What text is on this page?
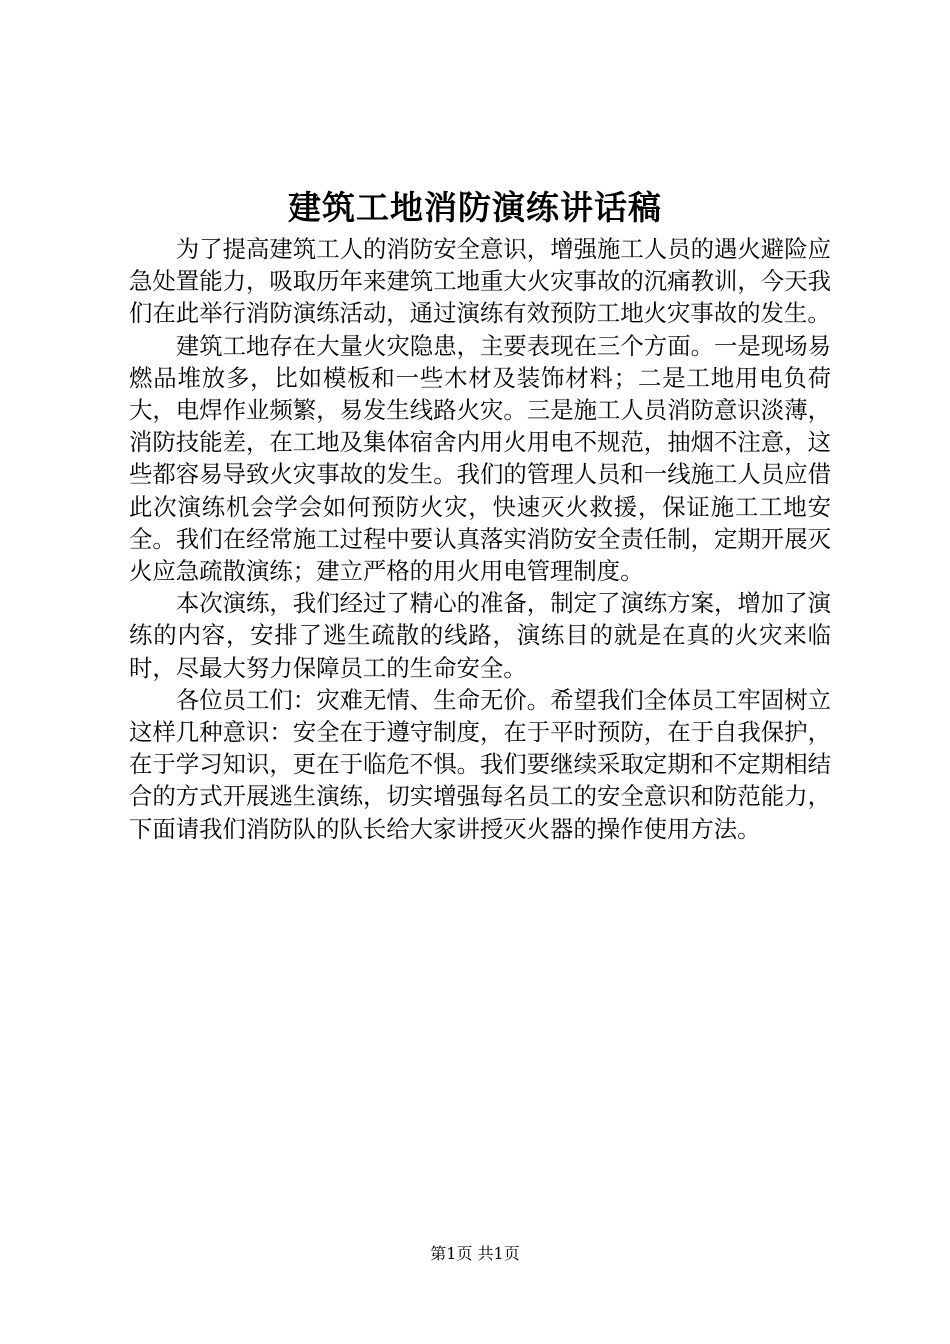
建筑工地消防演练讲话稿

为了提高建筑工人的消防安全意识，增强施工人员的遇火避险应急处置能力，吸取历年来建筑工地重大火灾事故的沉痛教训，今天我们在此举行消防演练活动，通过演练有效预防工地火灾事故的发生。

建筑工地存在大量火灾隐患，主要表现在三个方面。一是现场易燃品堆放多，比如模板和一些木材及装饰材料；二是工地用电负荷大，电焊作业频繁，易发生线路火灾。三是施工人员消防意识淡薄，消防技能差，在工地及集体宿舍内用火用电不规范，抽烟不注意，这些都容易导致火灾事故的发生。我们的管理人员和一线施工人员应借此次演练机会学会如何预防火灾，快速灭火救援，保证施工工地安全。我们在经常施工过程中要认真落实消防安全责任制，定期开展灭火应急疏散演练；建立严格的用火用电管理制度。

本次演练，我们经过了精心的准备，制定了演练方案，增加了演练的内容，安排了逃生疏散的线路，演练目的就是在真的火灾来临时，尽最大努力保障员工的生命安全。

各位员工们：灾难无情、生命无价。希望我们全体员工牢固树立这样几种意识：安全在于遵守制度，在于平时预防，在于自我保护，在于学习知识，更在于临危不惧。我们要继续采取定期和不定期相结合的方式开展逃生演练，切实增强每名员工的安全意识和防范能力，下面请我们消防队的队长给大家讲授灭火器的操作使用方法。

第1页 共1页
